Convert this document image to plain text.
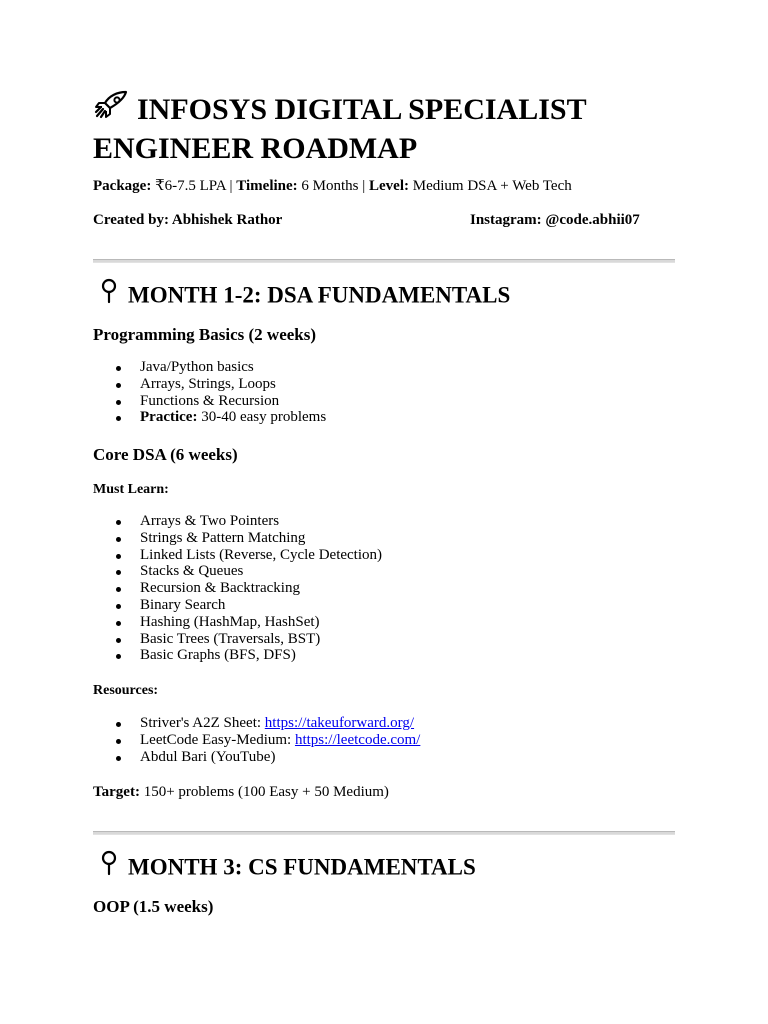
INFOSYS DIGITAL SPECIALIST
ENGINEER ROADMAP
Package: ₹6-7.5 LPA | Timeline: 6 Months | Level: Medium DSA + Web Tech
Created by: Abhishek Rathor	Instagram: @code.abhii07
MONTH 1-2: DSA FUNDAMENTALS
Programming Basics (2 weeks)
Java/Python basics
Arrays, Strings, Loops
Functions & Recursion
Practice: 30-40 easy problems
Core DSA (6 weeks)
Must Learn:
Arrays & Two Pointers
Strings & Pattern Matching
Linked Lists (Reverse, Cycle Detection)
Stacks & Queues
Recursion & Backtracking
Binary Search
Hashing (HashMap, HashSet)
Basic Trees (Traversals, BST)
Basic Graphs (BFS, DFS)
Resources:
Striver's A2Z Sheet: https://takeuforward.org/
LeetCode Easy-Medium: https://leetcode.com/
Abdul Bari (YouTube)
Target: 150+ problems (100 Easy + 50 Medium)
MONTH 3: CS FUNDAMENTALS
OOP (1.5 weeks)
